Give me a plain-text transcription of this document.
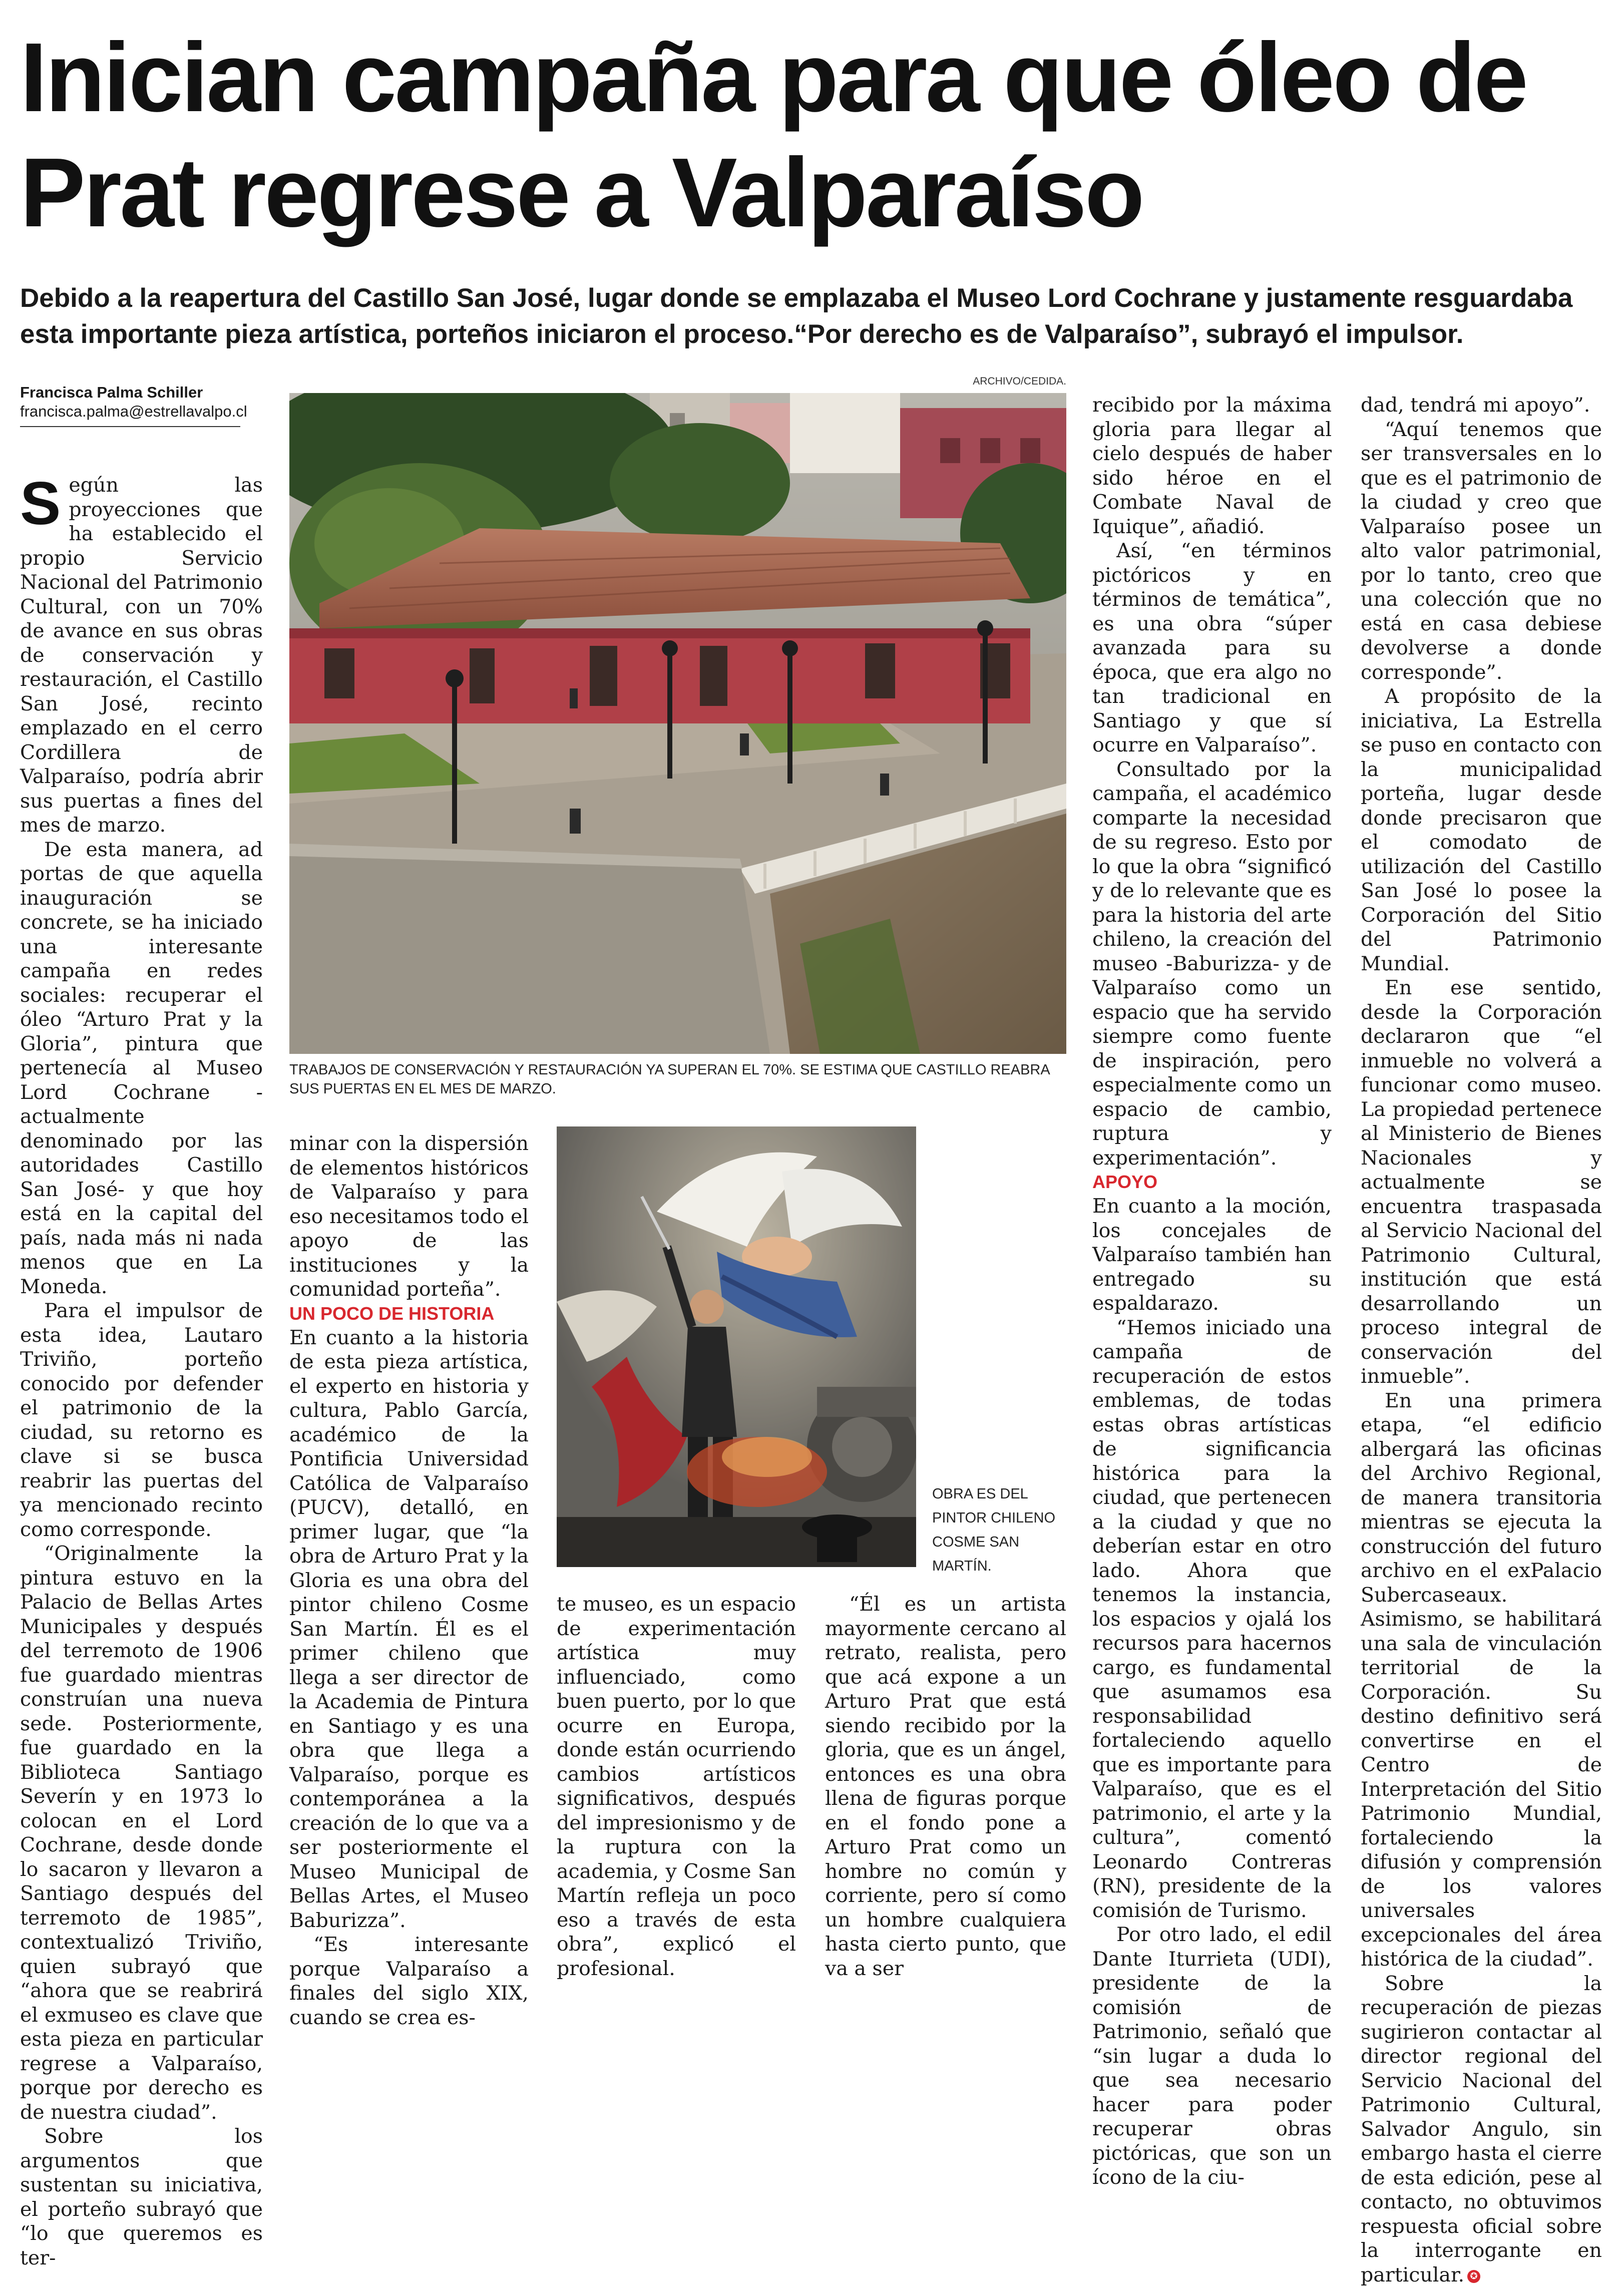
Inician campaña para que óleo de Prat regrese a Valparaíso

Debido a la reapertura del Castillo San José, lugar donde se emplazaba el Museo Lord Cochrane y justamente resguardaba esta importante pieza artística, porteños iniciaron el proceso.“Por derecho es de Valparaíso”, subrayó el impulsor.

Francisca Palma Schiller
francisca.palma@estrellavalpo.cl
ARCHIVO/CEDIDA.
TRABAJOS DE CONSERVACIÓN Y RESTAURACIÓN YA SUPERAN EL 70%. SE ESTIMA QUE CASTILLO REABRA SUS PUERTAS EN EL MES DE MARZO.
OBRA ES DEL PINTOR CHILENO COSME SAN MARTÍN.

Según las proyecciones que ha establecido el propio Servicio Nacional del Patrimonio Cultural, con un 70% de avance en sus obras de conservación y restauración, el Castillo San José, recinto emplazado en el cerro Cordillera de Valparaíso, podría abrir sus puertas a fines del mes de marzo.

De esta manera, ad portas de que aquella inauguración se concrete, se ha iniciado una interesante campaña en redes sociales: recuperar el óleo “Arturo Prat y la Gloria”, pintura que pertenecía al Museo Lord Cochrane -actualmente denominado por las autoridades Castillo San José- y que hoy está en la capital del país, nada más ni nada menos que en La Moneda.

Para el impulsor de esta idea, Lautaro Triviño, porteño conocido por defender el patrimonio de la ciudad, su retorno es clave si se busca reabrir las puertas del ya mencionado recinto como corresponde.

“Originalmente la pintura estuvo en la Palacio de Bellas Artes Municipales y después del terremoto de 1906 fue guardado mientras construían una nueva sede. Posteriormente, fue guardado en la Biblioteca Santiago Severín y en 1973 lo colocan en el Lord Cochrane, desde donde lo sacaron y llevaron a Santiago después del terremoto de 1985”, contextualizó Triviño, quien subrayó que “ahora que se reabrirá el exmuseo es clave que esta pieza en particular regrese a Valparaíso, porque por derecho es de nuestra ciudad”.

Sobre los argumentos que sustentan su iniciativa, el porteño subrayó que “lo que queremos es ter-

minar con la dispersión de elementos históricos de Valparaíso y para eso necesitamos todo el apoyo de las instituciones y la comunidad porteña”.

UN POCO DE HISTORIA

En cuanto a la historia de esta pieza artística, el experto en historia y cultura, Pablo García, académico de la Pontificia Universidad Católica de Valparaíso (PUCV), detalló, en primer lugar, que “la obra de Arturo Prat y la Gloria es una obra del pintor chileno Cosme San Martín. Él es el primer chileno que llega a ser director de la Academia de Pintura en Santiago y es una obra que llega a Valparaíso, porque es contemporánea a la creación de lo que va a ser posteriormente el Museo Municipal de Bellas Artes, el Museo Baburizza”.

“Es interesante porque Valparaíso a finales del siglo XIX, cuando se crea es-

te museo, es un espacio de experimentación artística muy influenciado, como buen puerto, por lo que ocurre en Europa, donde están ocurriendo cambios artísticos significativos, después del impresionismo y de la ruptura con la academia, y Cosme San Martín refleja un poco eso a través de esta obra”, explicó el profesional.

“Él es un artista mayormente cercano al retrato, realista, pero que acá expone a un Arturo Prat que está siendo recibido por la gloria, que es un ángel, entonces es una obra llena de figuras porque en el fondo pone a Arturo Prat como un hombre no común y corriente, pero sí como un hombre cualquiera hasta cierto punto, que va a ser

recibido por la máxima gloria para llegar al cielo después de haber sido héroe en el Combate Naval de Iquique”, añadió.

Así, “en términos pictóricos y en términos de temática”, es una obra “súper avanzada para su época, que era algo no tan tradicional en Santiago y que sí ocurre en Valparaíso”.

Consultado por la campaña, el académico comparte la necesidad de su regreso. Esto por lo que la obra “significó y de lo relevante que es para la historia del arte chileno, la creación del museo -Baburizza- y de Valparaíso como un espacio que ha servido siempre como fuente de inspiración, pero especialmente como un espacio de cambio, ruptura y experimentación”.

APOYO

En cuanto a la moción, los concejales de Valparaíso también han entregado su espaldarazo.

“Hemos iniciado una campaña de recuperación de estos emblemas, de todas estas obras artísticas de significancia histórica para la ciudad, que pertenecen a la ciudad y que no deberían estar en otro lado. Ahora que tenemos la instancia, los espacios y ojalá los recursos para hacernos cargo, es fundamental que asumamos esa responsabilidad fortaleciendo aquello que es importante para Valparaíso, que es el patrimonio, el arte y la cultura”, comentó Leonardo Contreras (RN), presidente de la comisión de Turismo.

Por otro lado, el edil Dante Iturrieta (UDI), presidente de la comisión de Patrimonio, señaló que “sin lugar a duda lo que sea necesario hacer para poder recuperar obras pictóricas, que son un ícono de la ciu-

dad, tendrá mi apoyo”.

“Aquí tenemos que ser transversales en lo que es el patrimonio de la ciudad y creo que Valparaíso posee un alto valor patrimonial, por lo tanto, creo que una colección que no está en casa debiese devolverse a donde corresponde”.

A propósito de la iniciativa, La Estrella se puso en contacto con la municipalidad porteña, lugar desde donde precisaron que el comodato de utilización del Castillo San José lo posee la Corporación del Sitio del Patrimonio Mundial.

En ese sentido, desde la Corporación declararon que “el inmueble no volverá a funcionar como museo. La propiedad pertenece al Ministerio de Bienes Nacionales y actualmente se encuentra traspasada al Servicio Nacional del Patrimonio Cultural, institución que está desarrollando un proceso integral de conservación del inmueble”.

En una primera etapa, “el edificio albergará las oficinas del Archivo Regional, de manera transitoria mientras se ejecuta la construcción del futuro archivo en el exPalacio Subercaseaux. Asimismo, se habilitará una sala de vinculación territorial de la Corporación. Su destino definitivo será convertirse en el Centro de Interpretación del Sitio Patrimonio Mundial, fortaleciendo la difusión y comprensión de los valores universales excepcionales del área histórica de la ciudad”.

Sobre la recuperación de piezas sugirieron contactar al director regional del Servicio Nacional del Patrimonio Cultural, Salvador Angulo, sin embargo hasta el cierre de esta edición, pese al contacto, no obtuvimos respuesta oficial sobre la interrogante en particular. ✪
